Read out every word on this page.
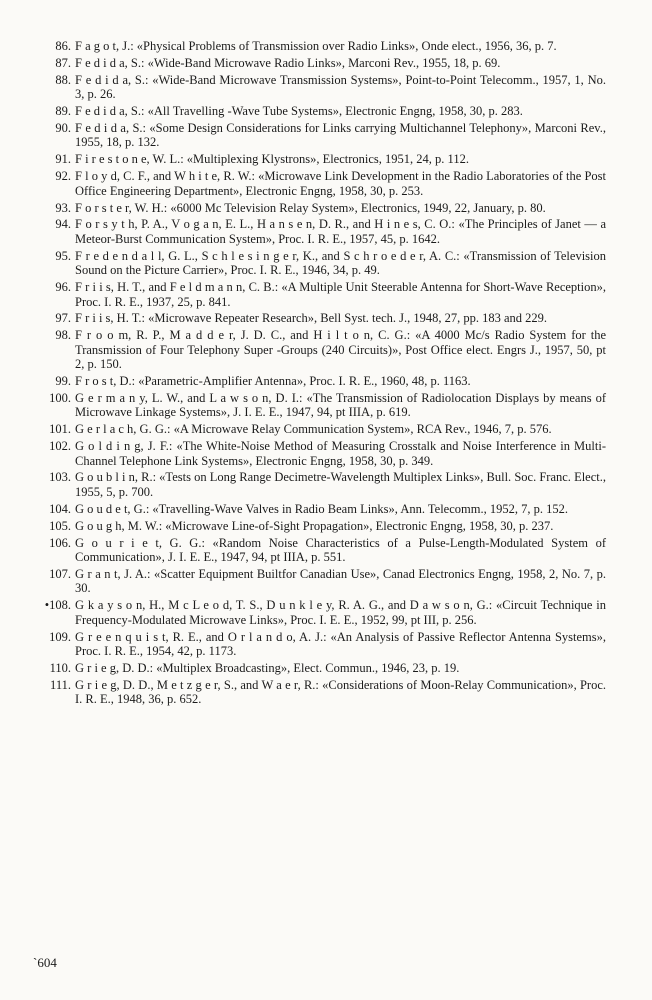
86. F a g o t, J.: «Physical Problems of Transmission over Radio Links», Onde elect., 1956, 36, p. 7.
87. F e d i d a, S.: «Wide-Band Microwave Radio Links», Marconi Rev., 1955, 18, p. 69.
88. F e d i d a, S.: «Wide-Band Microwave Transmission Systems», Point-to-Point Telecomm., 1957, 1, No. 3, p. 26.
89. F e d i d a, S.: «All Travelling -Wave Tube Systems», Electronic Engng, 1958, 30, p. 283.
90. F e d i d a, S.: «Some Design Considerations for Links carrying Multichannel Telephony», Marconi Rev., 1955, 18, p. 132.
91. F i r e s t o n e, W. L.: «Multiplexing Klystrons», Electronics, 1951, 24, p. 112.
92. F l o y d, C. F., and W h i t e, R. W.: «Microwave Link Development in the Radio Laboratories of the Post Office Engineering Department», Electronic Engng, 1958, 30, p. 253.
93. F o r s t e r, W. H.: «6000 Mc Television Relay System», Electronics, 1949, 22, January, p. 80.
94. F o r s y t h, P. A., V o g a n, E. L., H a n s e n, D. R., and H i n e s, C. O.: «The Principles of Janet — a Meteor-Burst Communication System», Proc. I. R. E., 1957, 45, p. 1642.
95. F r e d e n d a l l, G. L., S c h l e s i n g e r, K., and S c h r o e d e r, A. C.: «Transmission of Television Sound on the Picture Carrier», Proc. I. R. E., 1946, 34, p. 49.
96. F r i i s, H. T., and F e l d m a n n, C. B.: «A Multiple Unit Steerable Antenna for Short-Wave Reception», Proc. I. R. E., 1937, 25, p. 841.
97. F r i i s, H. T.: «Microwave Repeater Research», Bell Syst. tech. J., 1948, 27, pp. 183 and 229.
98. F r o o m, R. P., M a d d e r, J. D. C., and H i l t o n, C. G.: «A 4000 Mc/s Radio System for the Transmission of Four Telephony Super -Groups (240 Circuits)», Post Office elect. Engrs J., 1957, 50, pt 2, p. 150.
99. F r o s t, D.: «Parametric-Amplifier Antenna», Proc. I. R. E., 1960, 48, p. 1163.
100. G e r m a n y, L. W., and L a w s o n, D. I.: «The Transmission of Radiolocation Displays by means of Microwave Linkage Systems», J. I. E. E., 1947, 94, pt IIIA, p. 619.
101. G e r l a c h, G. G.: «A Microwave Relay Communication System», RCA Rev., 1946, 7, p. 576.
102. G o l d i n g, J. F.: «The White-Noise Method of Measuring Crosstalk and Noise Interference in Multi-Channel Telephone Link Systems», Electronic Engng, 1958, 30, p. 349.
103. G o u b l i n, R.: «Tests on Long Range Decimetre-Wavelength Multiplex Links», Bull. Soc. Franc. Elect., 1955, 5, p. 700.
104. G o u d e t, G.: «Travelling-Wave Valves in Radio Beam Links», Ann. Telecomm., 1952, 7, p. 152.
105. G o u g h, M. W.: «Microwave Line-of-Sight Propagation», Electronic Engng, 1958, 30, p. 237.
106. G o u r i e t, G. G.: «Random Noise Characteristics of a Pulse-Length-Modulated System of Communication», J. I. E. E., 1947, 94, pt IIIA, p. 551.
107. G r a n t, J. A.: «Scatter Equipment Builtfor Canadian Use», Canad Electronics Engng, 1958, 2, No. 7, p. 30.
•108. G k a y s o n, H., M c L e o d, T. S., D u n k l e y, R. A. G., and D a w s o n, G.: «Circuit Technique in Frequency-Modulated Microwave Links», Proc. I. E. E., 1952, 99, pt III, p. 256.
109. G r e e n q u i s t, R. E., and O r l a n d o, A. J.: «An Analysis of Passive Reflector Antenna Systems», Proc. I. R. E., 1954, 42, p. 1173.
110. G r i e g, D. D.: «Multiplex Broadcasting», Elect. Commun., 1946, 23, p. 19.
111. G r i e g, D. D., M e t z g e r, S., and W a e r, R.: «Considerations of Moon-Relay Communication», Proc. I. R. E., 1948, 36, p. 652.
`604
